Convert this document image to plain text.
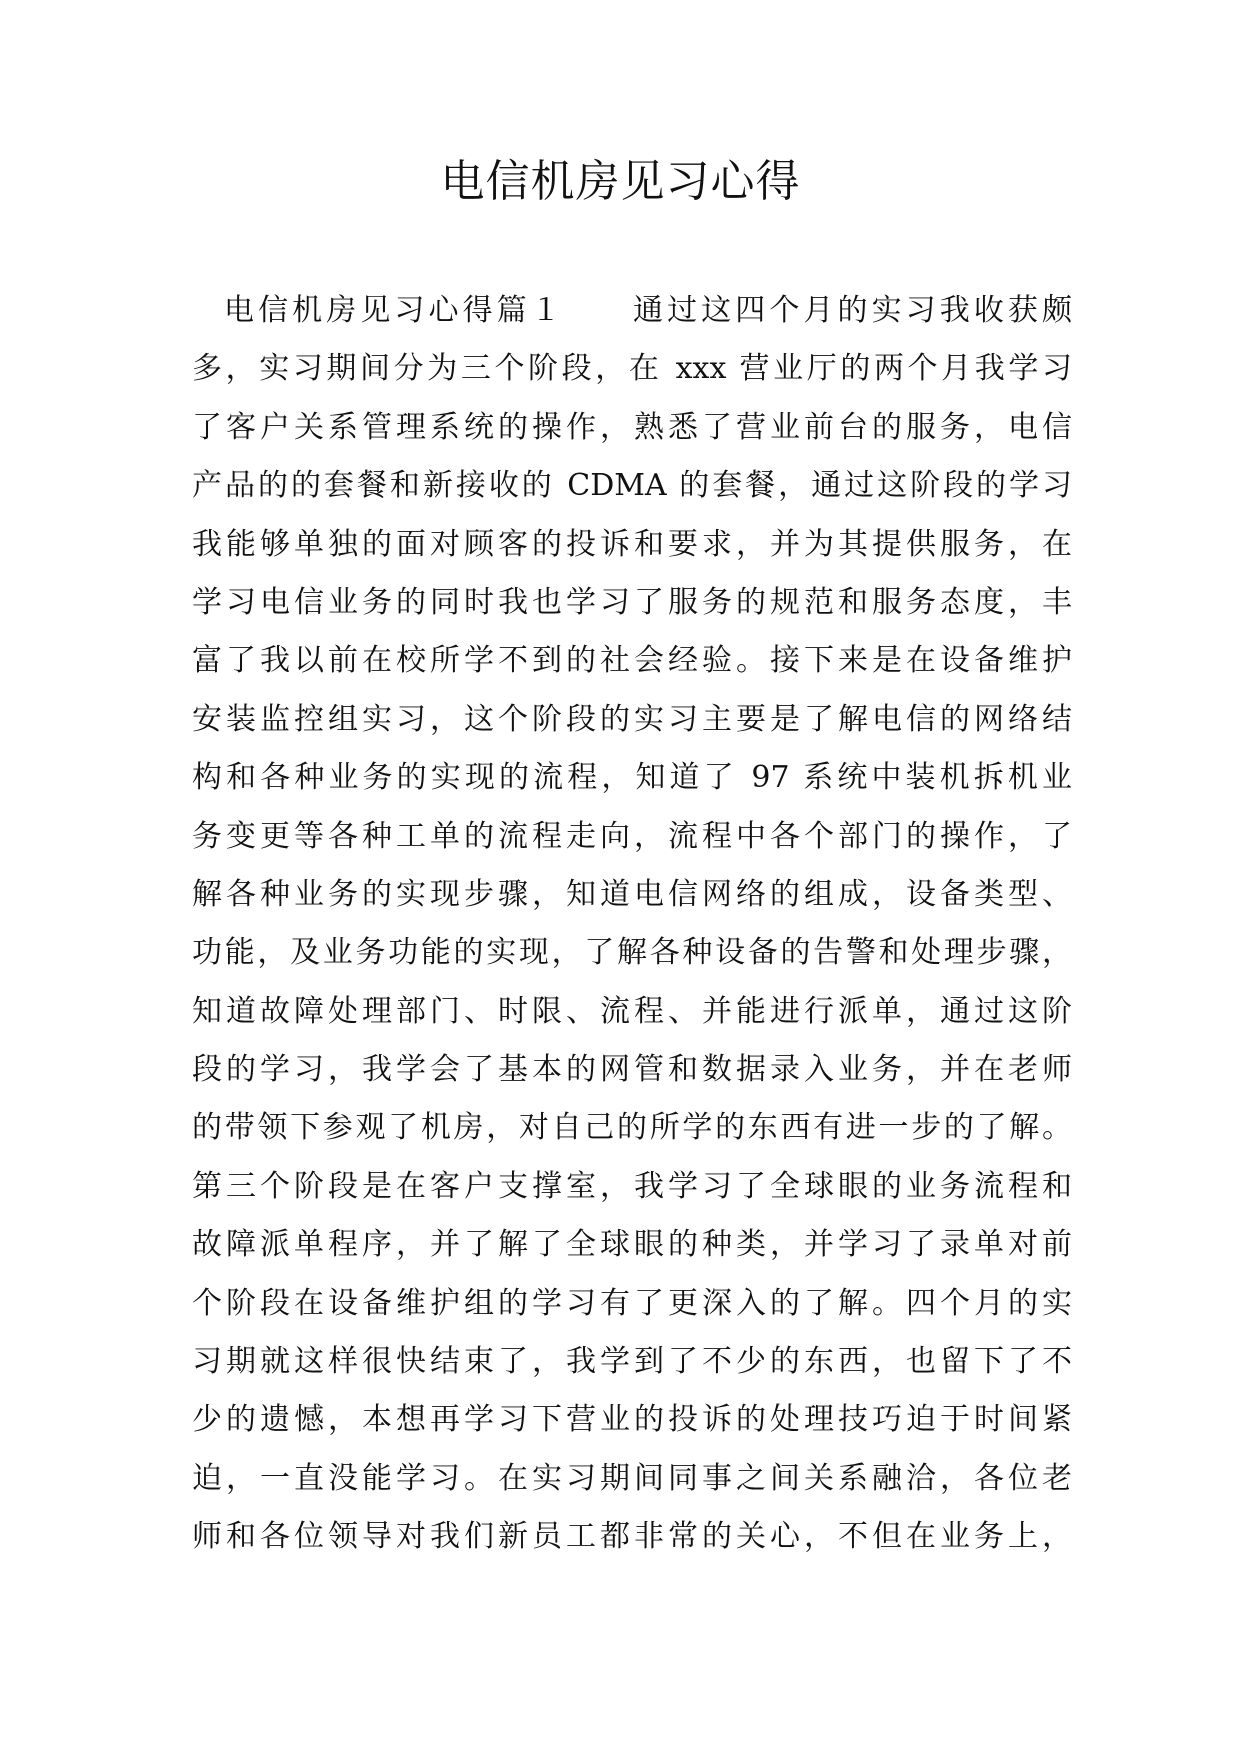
电信机房见习心得
电信机房见习心得篇１　　通过这四个月的实习我收获颇
多，实习期间分为三个阶段，在 xxx 营业厅的两个月我学习
了客户关系管理系统的操作，熟悉了营业前台的服务，电信
产品的的套餐和新接收的 CDMA 的套餐，通过这阶段的学习
我能够单独的面对顾客的投诉和要求，并为其提供服务，在
学习电信业务的同时我也学习了服务的规范和服务态度，丰
富了我以前在校所学不到的社会经验。接下来是在设备维护
安装监控组实习，这个阶段的实习主要是了解电信的网络结
构和各种业务的实现的流程，知道了 97 系统中装机拆机业
务变更等各种工单的流程走向，流程中各个部门的操作，了
解各种业务的实现步骤，知道电信网络的组成，设备类型、
功能，及业务功能的实现，了解各种设备的告警和处理步骤，
知道故障处理部门、时限、流程、并能进行派单，通过这阶
段的学习，我学会了基本的网管和数据录入业务，并在老师
的带领下参观了机房，对自己的所学的东西有进一步的了解。
第三个阶段是在客户支撑室，我学习了全球眼的业务流程和
故障派单程序，并了解了全球眼的种类，并学习了录单对前
个阶段在设备维护组的学习有了更深入的了解。四个月的实
习期就这样很快结束了，我学到了不少的东西，也留下了不
少的遗憾，本想再学习下营业的投诉的处理技巧迫于时间紧
迫，一直没能学习。在实习期间同事之间关系融洽，各位老
师和各位领导对我们新员工都非常的关心，不但在业务上，
